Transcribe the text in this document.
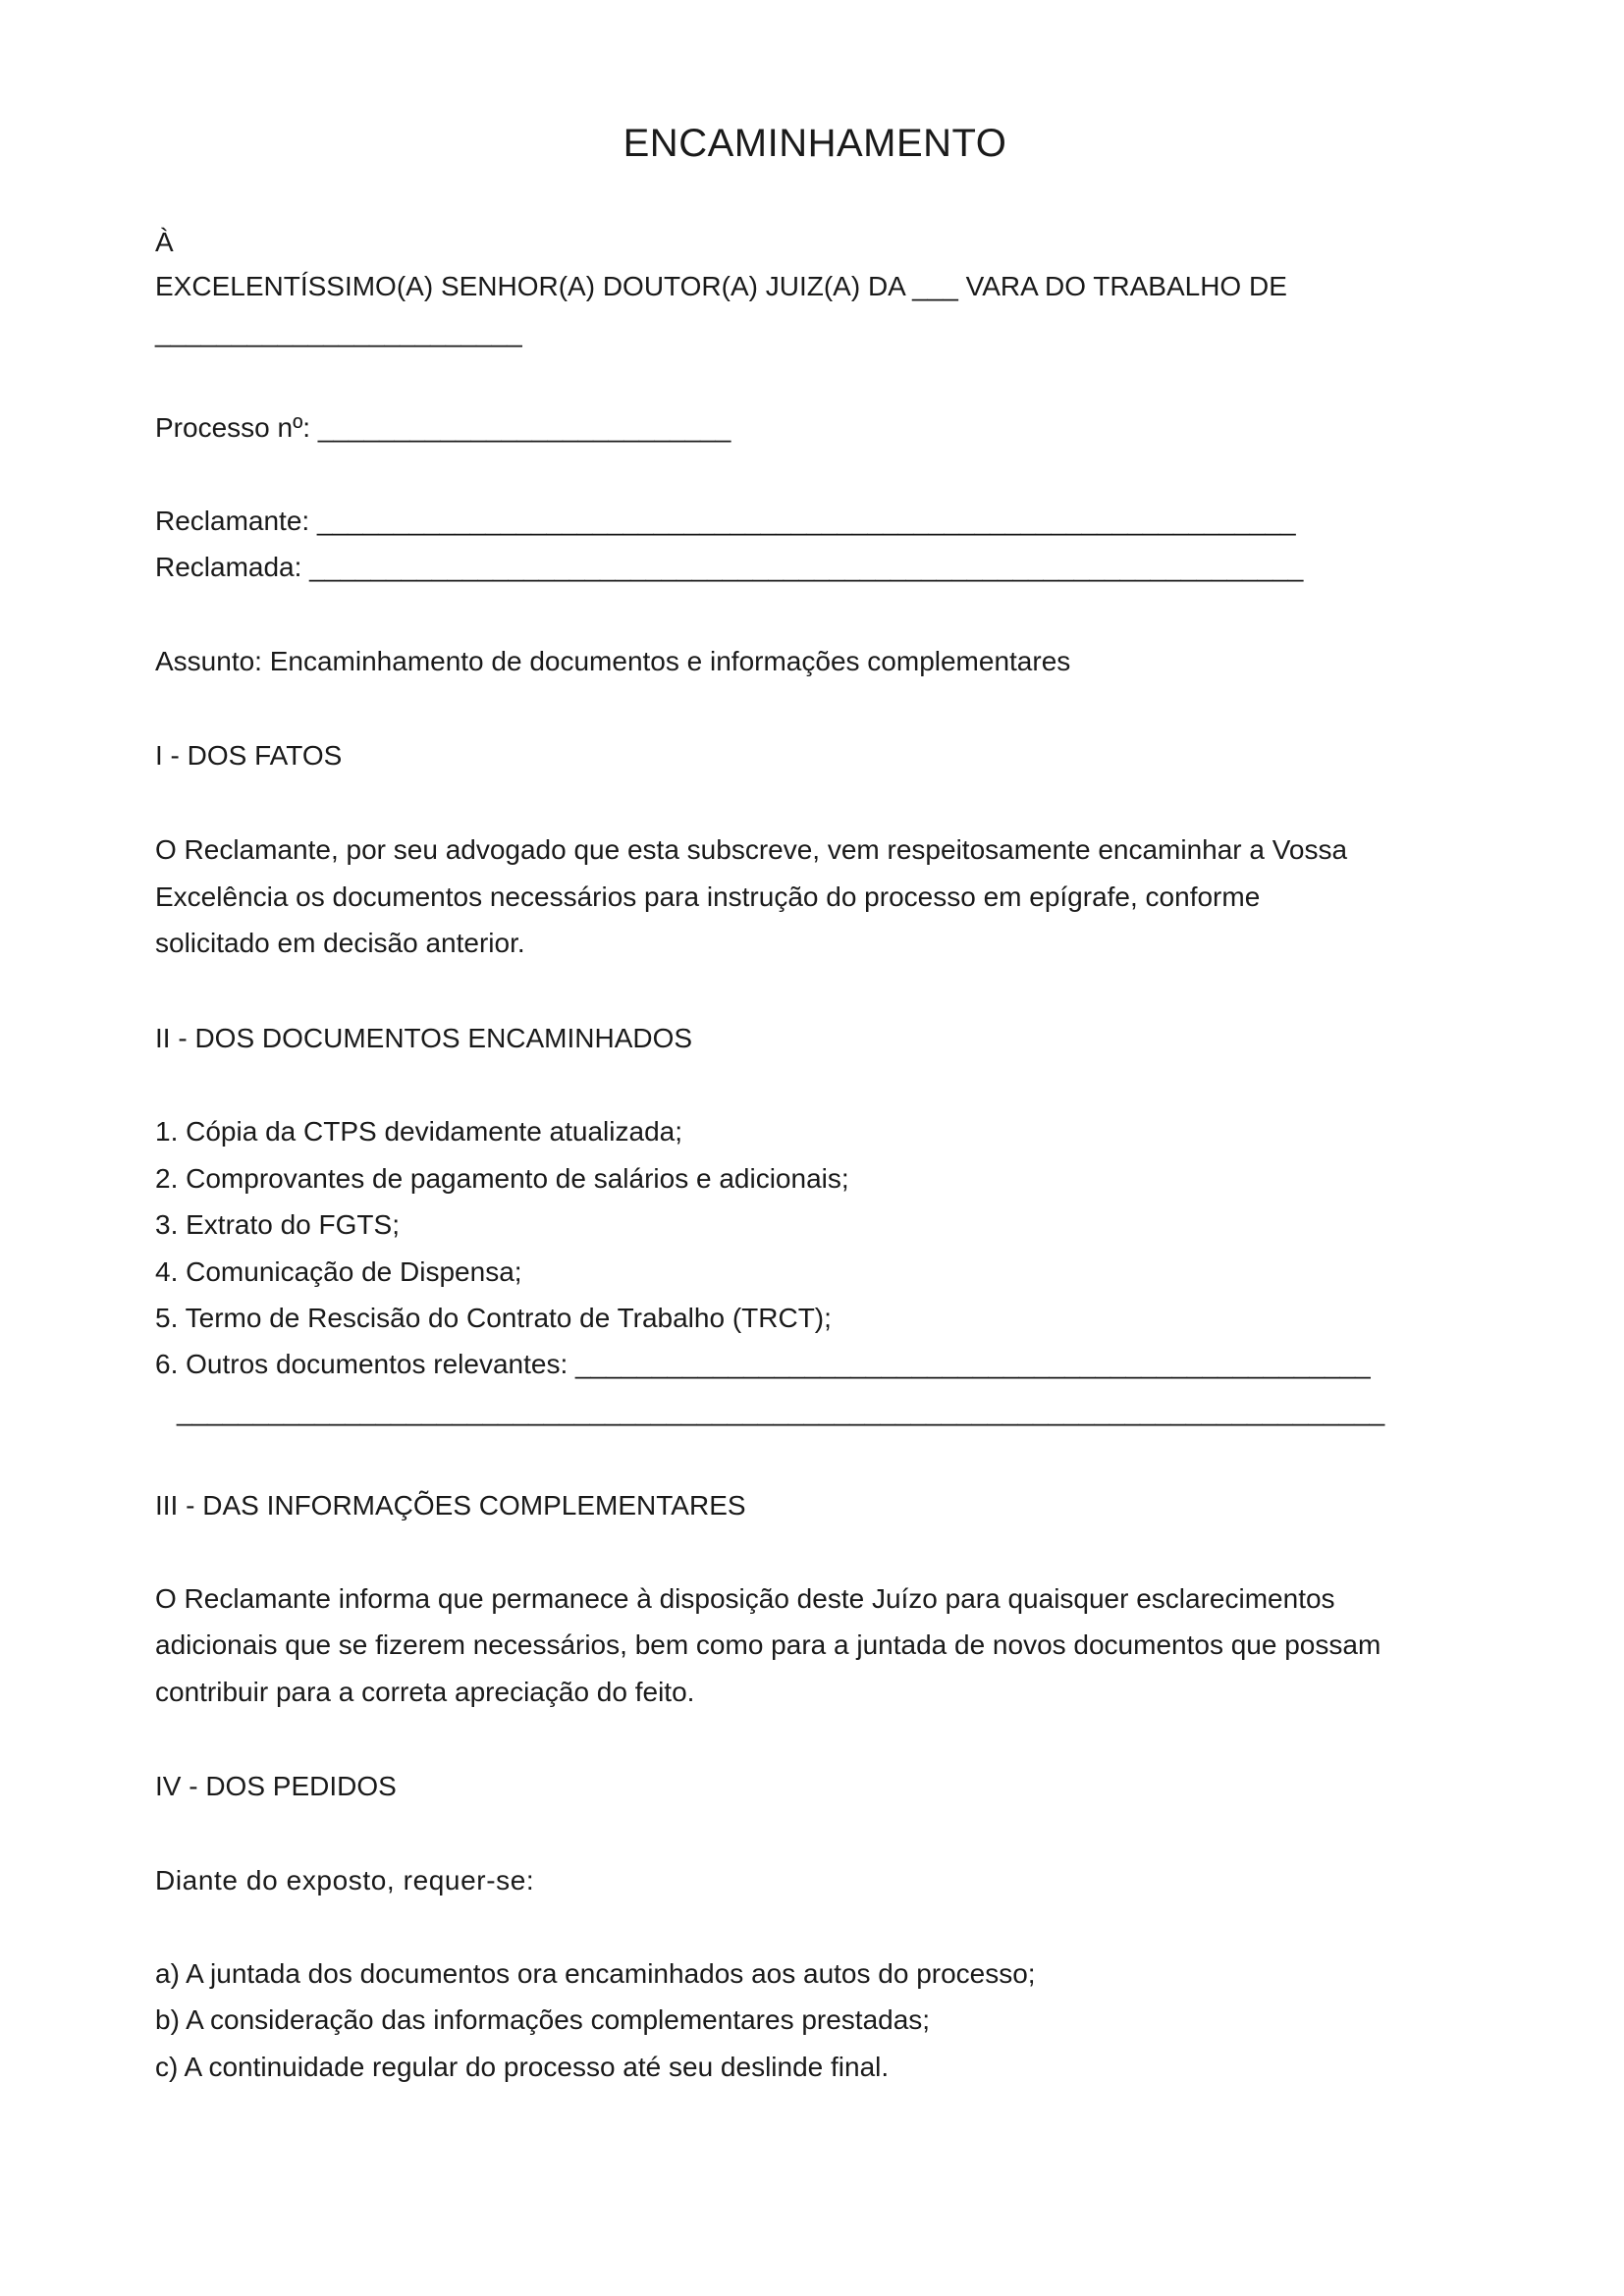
ENCAMINHAMENTO
À
EXCELENTÍSSIMO(A) SENHOR(A) DOUTOR(A) JUIZ(A) DA ___ VARA DO TRABALHO DE
________________________
Processo nº: ___________________________
Reclamante: ________________________________________________________________
Reclamada: _________________________________________________________________
Assunto: Encaminhamento de documentos e informações complementares
I - DOS FATOS
O Reclamante, por seu advogado que esta subscreve, vem respeitosamente encaminhar a Vossa
Excelência os documentos necessários para instrução do processo em epígrafe, conforme
solicitado em decisão anterior.
II - DOS DOCUMENTOS ENCAMINHADOS
1. Cópia da CTPS devidamente atualizada;
2. Comprovantes de pagamento de salários e adicionais;
3. Extrato do FGTS;
4. Comunicação de Dispensa;
5. Termo de Rescisão do Contrato de Trabalho (TRCT);
6. Outros documentos relevantes: ____________________________________________________
_______________________________________________________________________________
III - DAS INFORMAÇÕES COMPLEMENTARES
O Reclamante informa que permanece à disposição deste Juízo para quaisquer esclarecimentos
adicionais que se fizerem necessários, bem como para a juntada de novos documentos que possam
contribuir para a correta apreciação do feito.
IV - DOS PEDIDOS
Diante do exposto, requer-se:
a) A juntada dos documentos ora encaminhados aos autos do processo;
b) A consideração das informações complementares prestadas;
c) A continuidade regular do processo até seu deslinde final.
